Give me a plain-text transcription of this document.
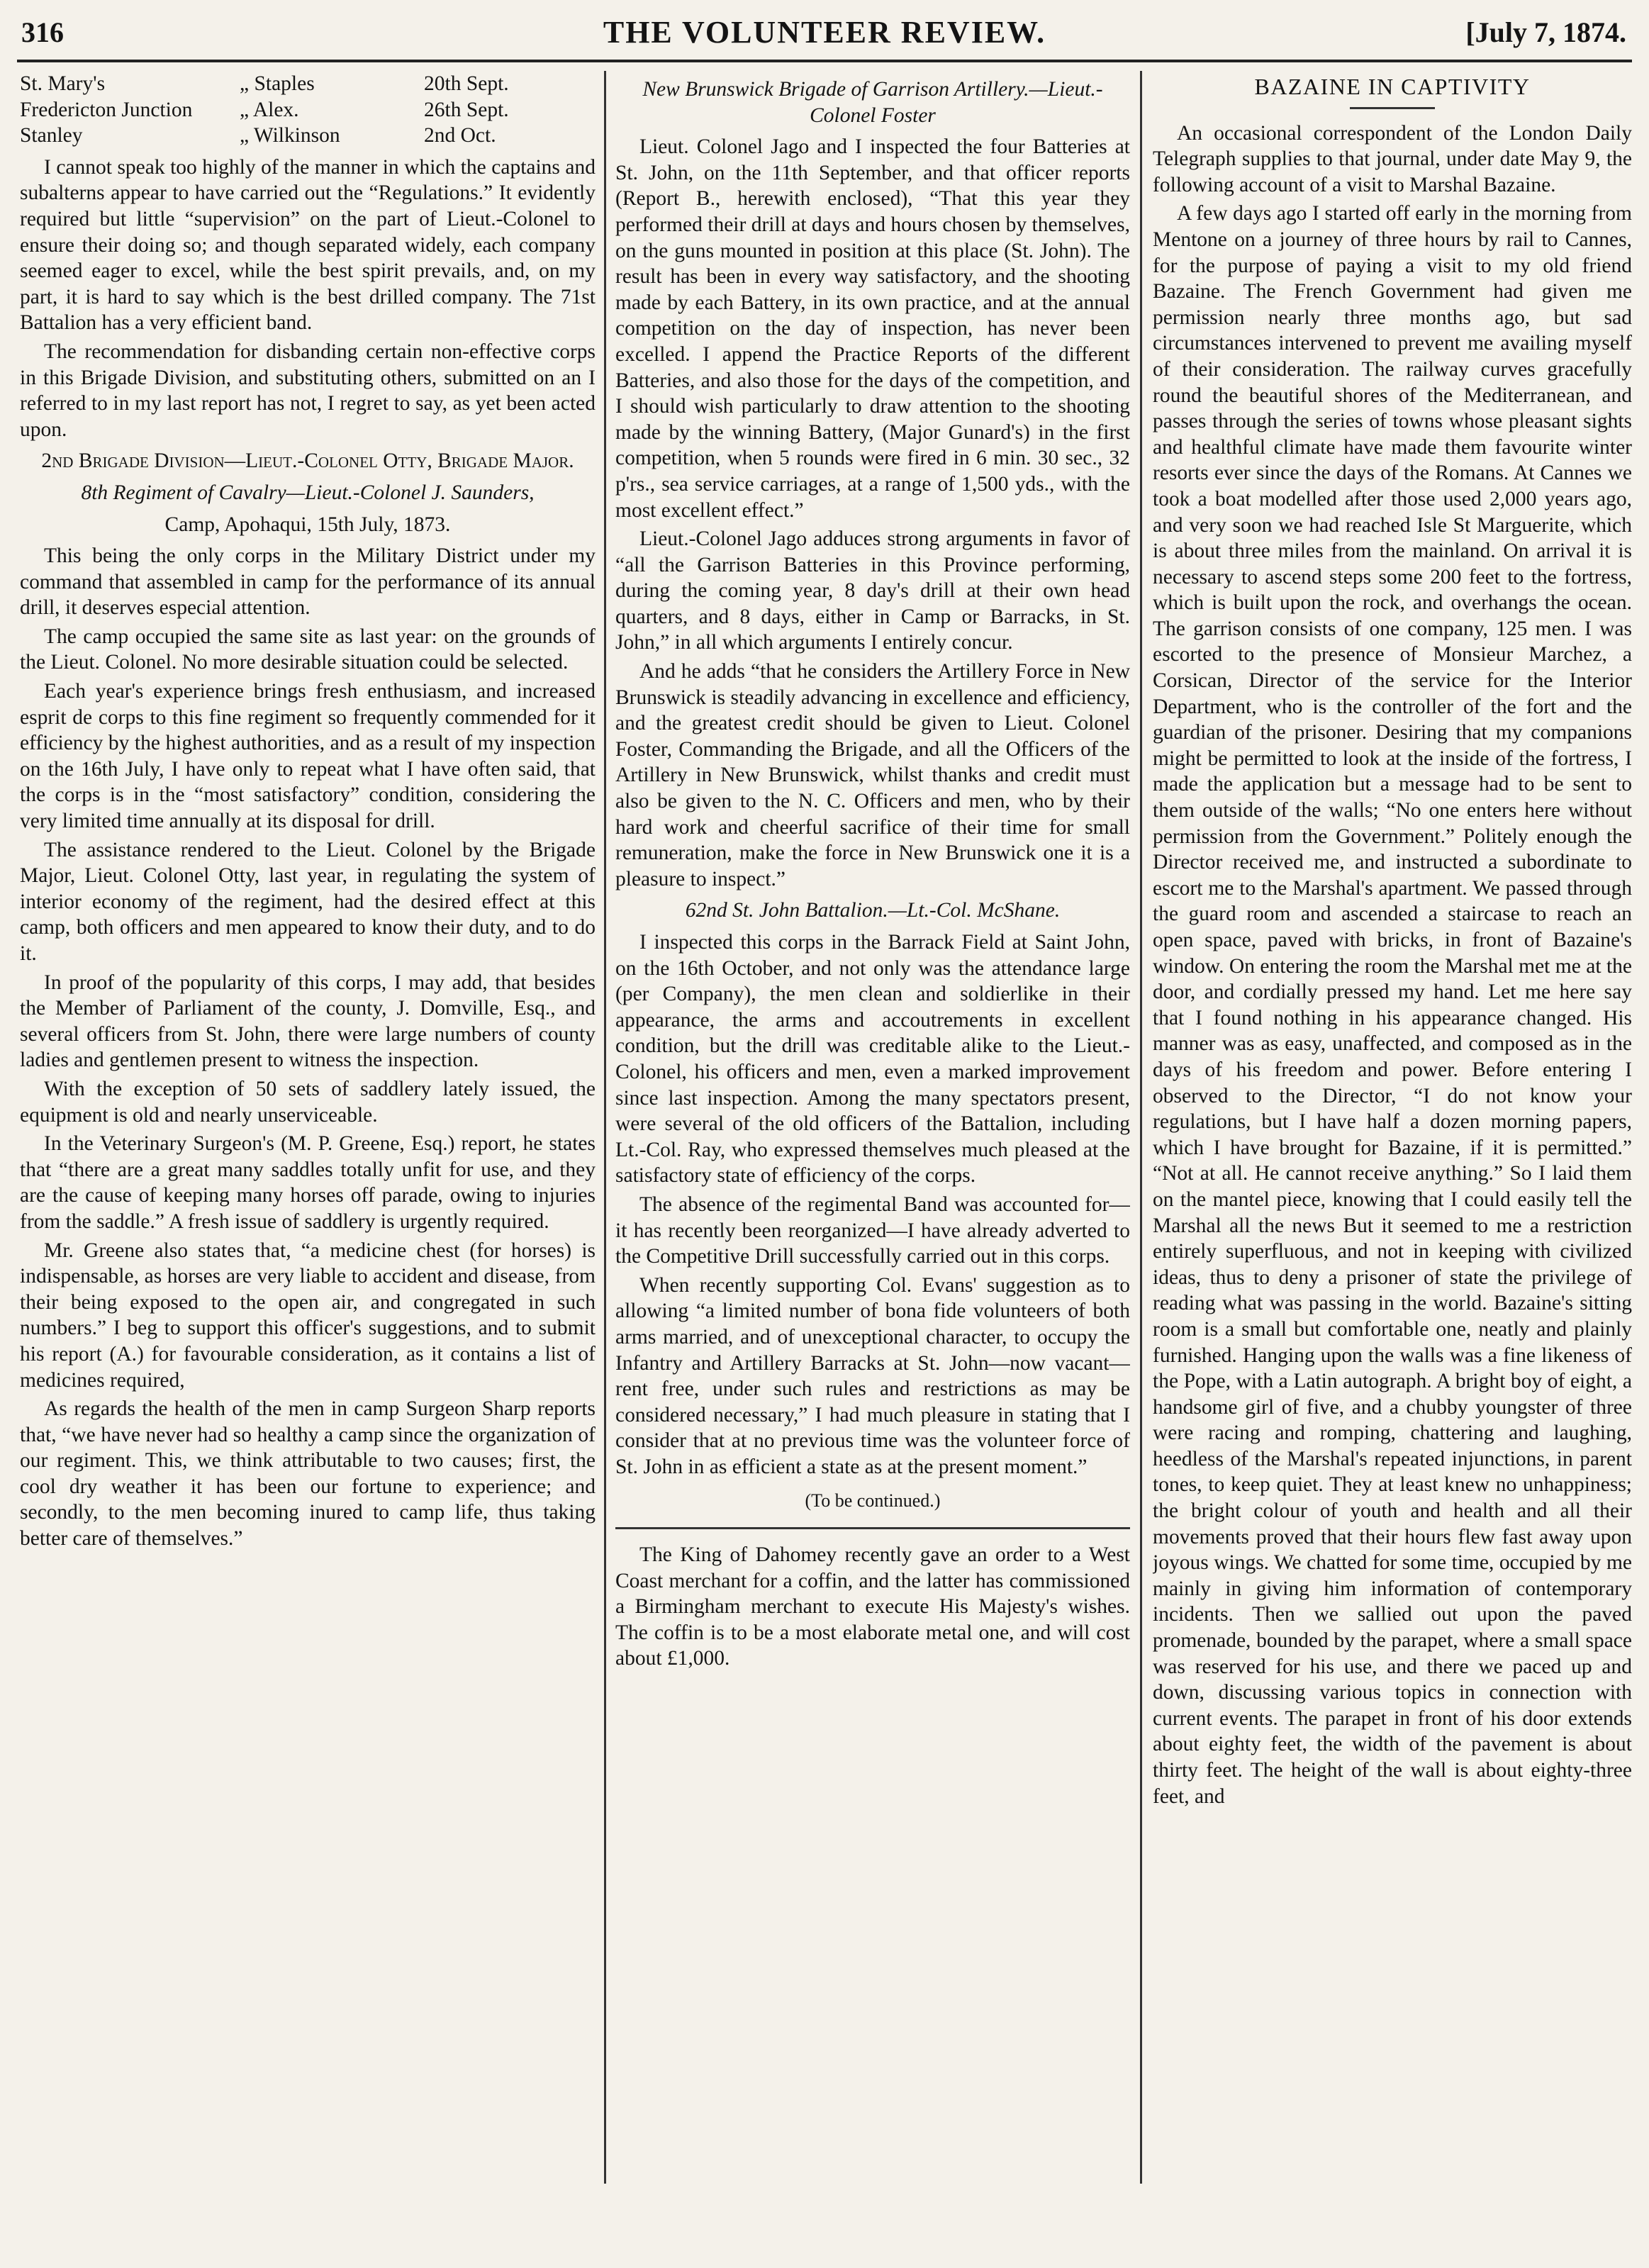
316	THE VOLUNTEER REVIEW.	[July 7, 1874.
St. Mary's	„ Staples	20th Sept.
Fredericton Junction	„ Alex.	26th Sept.
Stanley	„ Wilkinson	2nd Oct.

I cannot speak too highly of the manner in which the captains and subalterns appear to have carried out the “Regulations.” It evidently required but little “supervision” on the part of Lieut.-Colonel to ensure their doing so; and though separated widely, each company seemed eager to excel, while the best spirit prevails, and, on my part, it is hard to say which is the best drilled company. The 71st Battalion has a very efficient band.

The recommendation for disbanding certain non-effective corps in this Brigade Division, and substituting others, submitted on an I referred to in my last report has not, I regret to say, as yet been acted upon.

2nd Brigade Division—Lieut.-Colonel Otty, Brigade Major.

8th Regiment of Cavalry—Lieut.-Colonel J. Saunders,

Camp, Apohaqui, 15th July, 1873.

This being the only corps in the Military District under my command that assembled in camp for the performance of its annual drill, it deserves especial attention.

The camp occupied the same site as last year: on the grounds of the Lieut. Colonel. No more desirable situation could be selected.

Each year's experience brings fresh enthusiasm, and increased esprit de corps to this fine regiment so frequently commended for it efficiency by the highest authorities, and as a result of my inspection on the 16th July, I have only to repeat what I have often said, that the corps is in the “most satisfactory” condition, considering the very limited time annually at its disposal for drill.

The assistance rendered to the Lieut. Colonel by the Brigade Major, Lieut. Colonel Otty, last year, in regulating the system of interior economy of the regiment, had the desired effect at this camp, both officers and men appeared to know their duty, and to do it.

In proof of the popularity of this corps, I may add, that besides the Member of Parliament of the county, J. Domville, Esq., and several officers from St. John, there were large numbers of county ladies and gentlemen present to witness the inspection.

With the exception of 50 sets of saddlery lately issued, the equipment is old and nearly unserviceable.

In the Veterinary Surgeon's (M. P. Greene, Esq.) report, he states that “there are a great many saddles totally unfit for use, and they are the cause of keeping many horses off parade, owing to injuries from the saddle.” A fresh issue of saddlery is urgently required.

Mr. Greene also states that, “a medicine chest (for horses) is indispensable, as horses are very liable to accident and disease, from their being exposed to the open air, and congregated in such numbers.” I beg to support this officer's suggestions, and to submit his report (A.) for favourable consideration, as it contains a list of medicines required,

As regards the health of the men in camp Surgeon Sharp reports that, “we have never had so healthy a camp since the organization of our regiment. This, we think attributable to two causes; first, the cool dry weather it has been our fortune to experience; and secondly, to the men becoming inured to camp life, thus taking better care of themselves.”

New Brunswick Brigade of Garrison Artillery.—Lieut.-Colonel Foster

Lieut. Colonel Jago and I inspected the four Batteries at St. John, on the 11th September, and that officer reports (Report B., herewith enclosed), “That this year they performed their drill at days and hours chosen by themselves, on the guns mounted in position at this place (St. John). The result has been in every way satisfactory, and the shooting made by each Battery, in its own practice, and at the annual competition on the day of inspection, has never been excelled. I append the Practice Reports of the different Batteries, and also those for the days of the competition, and I should wish particularly to draw attention to the shooting made by the winning Battery, (Major Gunard's) in the first competition, when 5 rounds were fired in 6 min. 30 sec., 32 p'rs., sea service carriages, at a range of 1,500 yds., with the most excellent effect.”

Lieut.-Colonel Jago adduces strong arguments in favor of “all the Garrison Batteries in this Province performing, during the coming year, 8 day's drill at their own head quarters, and 8 days, either in Camp or Barracks, in St. John,” in all which arguments I entirely concur.

And he adds “that he considers the Artillery Force in New Brunswick is steadily advancing in excellence and efficiency, and the greatest credit should be given to Lieut. Colonel Foster, Commanding the Brigade, and all the Officers of the Artillery in New Brunswick, whilst thanks and credit must also be given to the N. C. Officers and men, who by their hard work and cheerful sacrifice of their time for small remuneration, make the force in New Brunswick one it is a pleasure to inspect.”

62nd St. John Battalion.—Lt.-Col. McShane.

I inspected this corps in the Barrack Field at Saint John, on the 16th October, and not only was the attendance large (per Company), the men clean and soldierlike in their appearance, the arms and accoutrements in excellent condition, but the drill was creditable alike to the Lieut.-Colonel, his officers and men, even a marked improvement since last inspection. Among the many spectators present, were several of the old officers of the Battalion, including Lt.-Col. Ray, who expressed themselves much pleased at the satisfactory state of efficiency of the corps.

The absence of the regimental Band was accounted for—it has recently been reorganized—I have already adverted to the Competitive Drill successfully carried out in this corps.

When recently supporting Col. Evans' suggestion as to allowing “a limited number of bona fide volunteers of both arms married, and of unexceptional character, to occupy the Infantry and Artillery Barracks at St. John—now vacant—rent free, under such rules and restrictions as may be considered necessary,” I had much pleasure in stating that I consider that at no previous time was the volunteer force of St. John in as efficient a state as at the present moment.”

(To be continued.)

The King of Dahomey recently gave an order to a West Coast merchant for a coffin, and the latter has commissioned a Birmingham merchant to execute His Majesty's wishes. The coffin is to be a most elaborate metal one, and will cost about £1,000.

BAZAINE IN CAPTIVITY

An occasional correspondent of the London Daily Telegraph supplies to that journal, under date May 9, the following account of a visit to Marshal Bazaine.

A few days ago I started off early in the morning from Mentone on a journey of three hours by rail to Cannes, for the purpose of paying a visit to my old friend Bazaine. The French Government had given me permission nearly three months ago, but sad circumstances intervened to prevent me availing myself of their consideration. The railway curves gracefully round the beautiful shores of the Mediterranean, and passes through the series of towns whose pleasant sights and healthful climate have made them favourite winter resorts ever since the days of the Romans. At Cannes we took a boat modelled after those used 2,000 years ago, and very soon we had reached Isle St Marguerite, which is about three miles from the mainland. On arrival it is necessary to ascend steps some 200 feet to the fortress, which is built upon the rock, and overhangs the ocean. The garrison consists of one company, 125 men. I was escorted to the presence of Monsieur Marchez, a Corsican, Director of the service for the Interior Department, who is the controller of the fort and the guardian of the prisoner. Desiring that my companions might be permitted to look at the inside of the fortress, I made the application but a message had to be sent to them outside of the walls; “No one enters here without permission from the Government.” Politely enough the Director received me, and instructed a subordinate to escort me to the Marshal's apartment. We passed through the guard room and ascended a staircase to reach an open space, paved with bricks, in front of Bazaine's window. On entering the room the Marshal met me at the door, and cordially pressed my hand. Let me here say that I found nothing in his appearance changed. His manner was as easy, unaffected, and composed as in the days of his freedom and power. Before entering I observed to the Director, “I do not know your regulations, but I have half a dozen morning papers, which I have brought for Bazaine, if it is permitted.” “Not at all. He cannot receive anything.” So I laid them on the mantel piece, knowing that I could easily tell the Marshal all the news But it seemed to me a restriction entirely superfluous, and not in keeping with civilized ideas, thus to deny a prisoner of state the privilege of reading what was passing in the world. Bazaine's sitting room is a small but comfortable one, neatly and plainly furnished. Hanging upon the walls was a fine likeness of the Pope, with a Latin autograph. A bright boy of eight, a handsome girl of five, and a chubby youngster of three were racing and romping, chattering and laughing, heedless of the Marshal's repeated injunctions, in parent tones, to keep quiet. They at least knew no unhappiness; the bright colour of youth and health and all their movements proved that their hours flew fast away upon joyous wings. We chatted for some time, occupied by me mainly in giving him information of contemporary incidents. Then we sallied out upon the paved promenade, bounded by the parapet, where a small space was reserved for his use, and there we paced up and down, discussing various topics in connection with current events. The parapet in front of his door extends about eighty feet, the width of the pavement is about thirty feet. The height of the wall is about eighty-three feet, and
